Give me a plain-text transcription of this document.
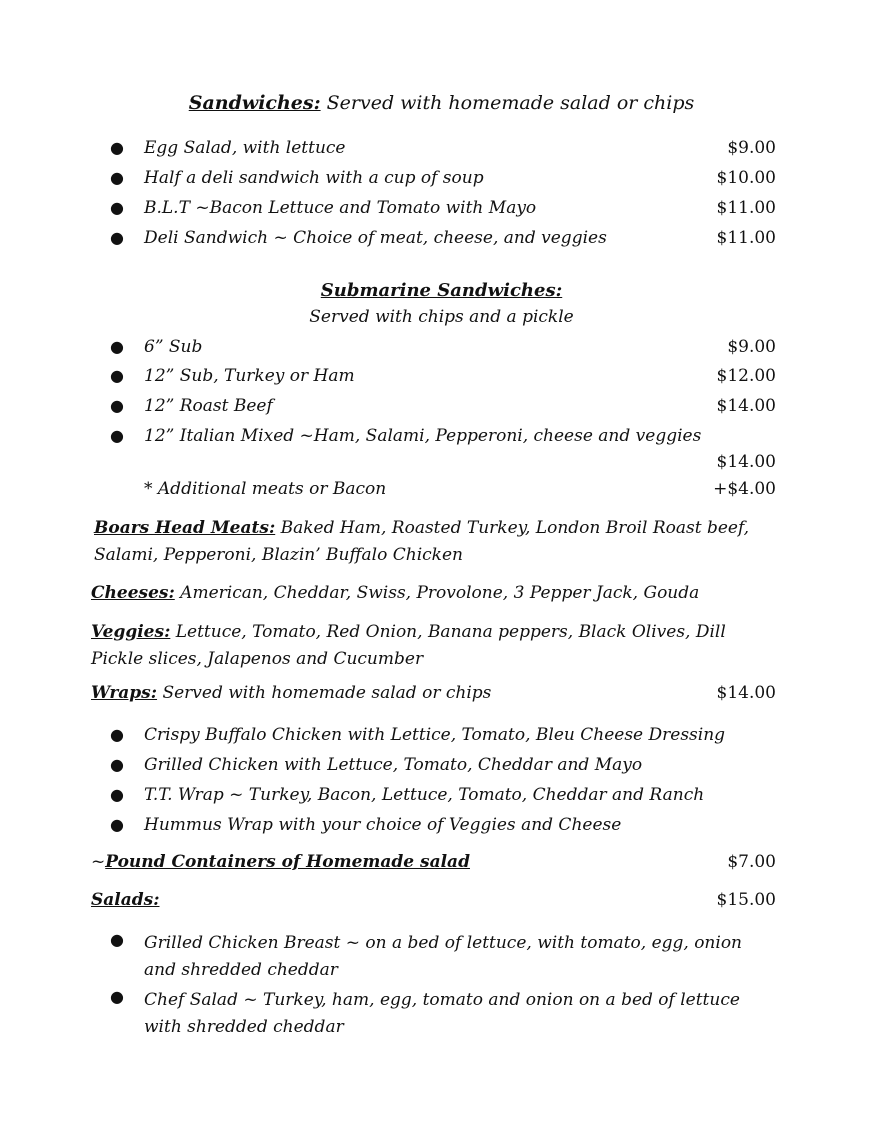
Sandwiches: Served with homemade salad or chips
● Egg Salad, with lettuce	$9.00
● Half a deli sandwich with a cup of soup	$10.00
● B.L.T ~Bacon Lettuce and Tomato with Mayo	$11.00
● Deli Sandwich ~ Choice of meat, cheese, and veggies	$11.00
Submarine Sandwiches:
Served with chips and a pickle
● 6” Sub	$9.00
● 12” Sub, Turkey or Ham	$12.00
● 12” Roast Beef	$14.00
● 12” Italian Mixed ~Ham, Salami, Pepperoni, cheese and veggies
$14.00
* Additional meats or Bacon	+$4.00
Boars Head Meats: Baked Ham, Roasted Turkey, London Broil Roast beef, Salami, Pepperoni, Blazin’ Buffalo Chicken
Cheeses: American, Cheddar, Swiss, Provolone, 3 Pepper Jack, Gouda
Veggies: Lettuce, Tomato, Red Onion, Banana peppers, Black Olives, Dill Pickle slices, Jalapenos and Cucumber
Wraps: Served with homemade salad or chips	$14.00
● Crispy Buffalo Chicken with Lettice, Tomato, Bleu Cheese Dressing
● Grilled Chicken with Lettuce, Tomato, Cheddar and Mayo
● T.T. Wrap ~ Turkey, Bacon, Lettuce, Tomato, Cheddar and Ranch
● Hummus Wrap with your choice of Veggies and Cheese
~Pound Containers of Homemade salad	$7.00
Salads:	$15.00
● Grilled Chicken Breast ~ on a bed of lettuce, with tomato, egg, onion and shredded cheddar
● Chef Salad ~ Turkey, ham, egg, tomato and onion on a bed of lettuce with shredded cheddar
